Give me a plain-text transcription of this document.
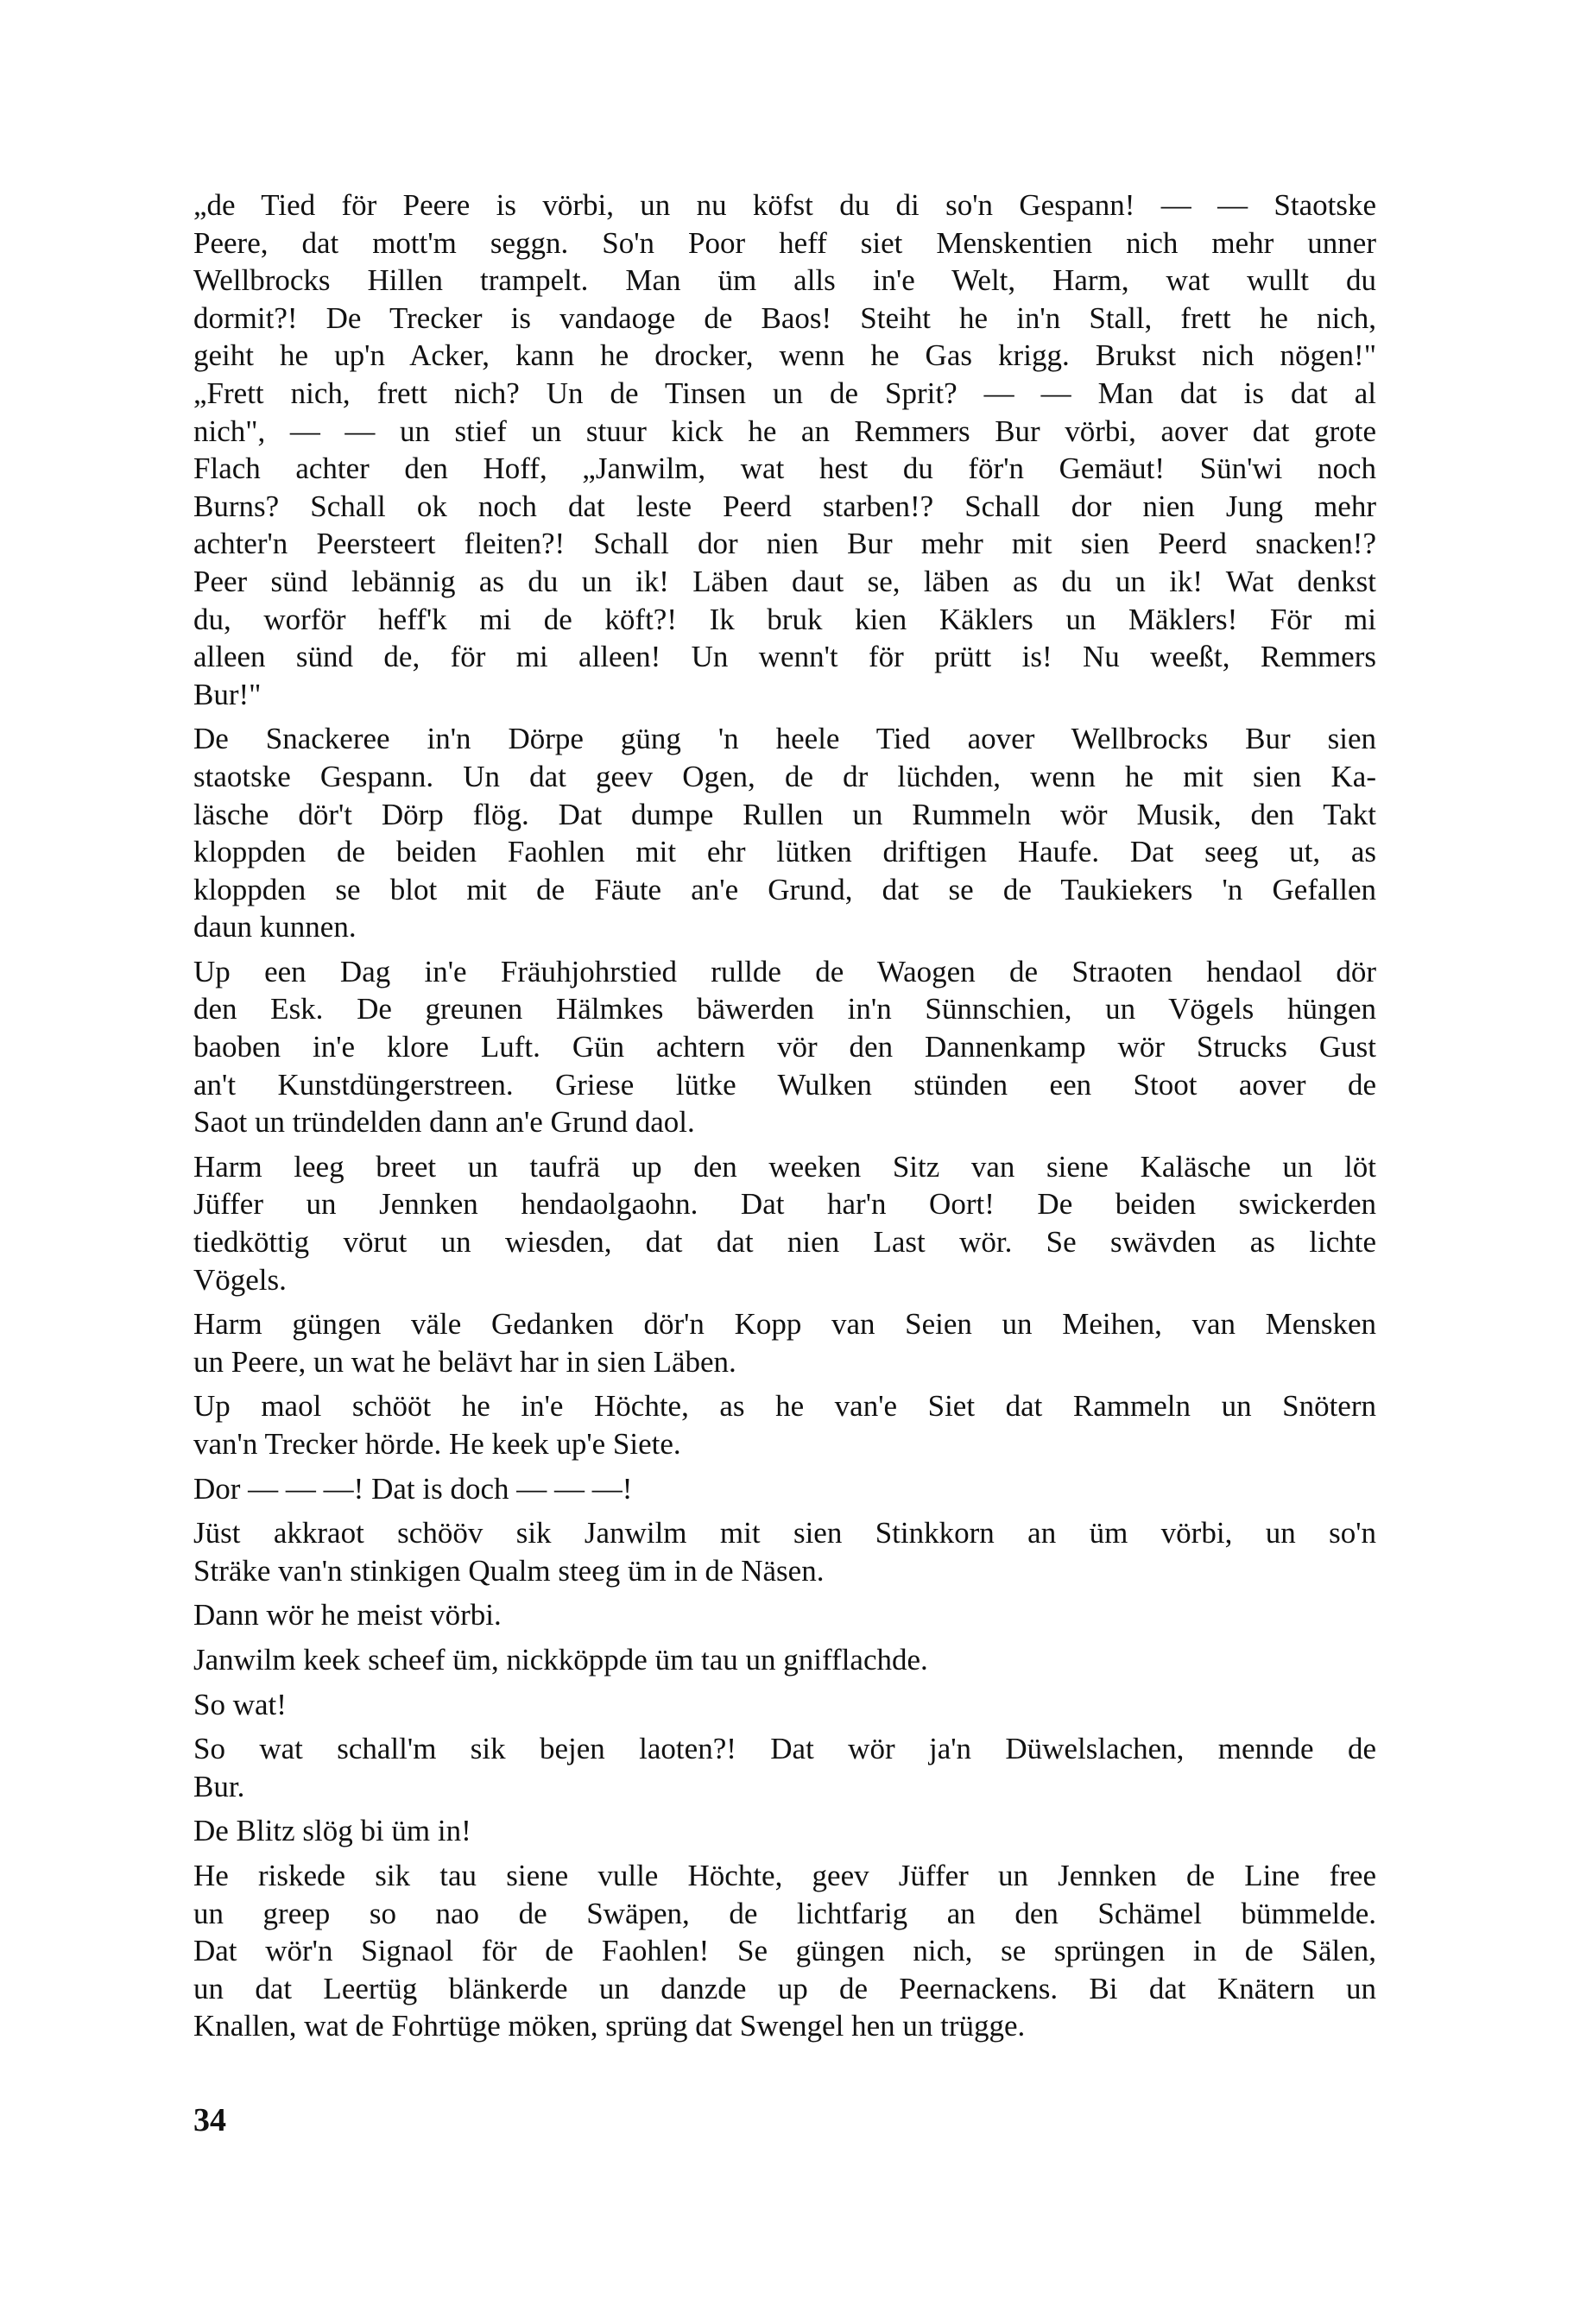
„de Tied för Peere is vörbi, un nu köfst du di so'n Gespann! — — Staotske
Peere, dat mott'm seggn. So'n Poor heff siet Menskentien nich mehr unner
Wellbrocks Hillen trampelt. Man üm alls in'e Welt, Harm, wat wullt du
dormit?! De Trecker is vandaoge de Baos! Steiht he in'n Stall, frett he nich,
geiht he up'n Acker, kann he drocker, wenn he Gas krigg. Brukst nich nögen!"
„Frett nich, frett nich? Un de Tinsen un de Sprit? — — Man dat is dat al
nich", — — un stief un stuur kick he an Remmers Bur vörbi, aover dat grote
Flach achter den Hoff, „Janwilm, wat hest du för'n Gemäut! Sün'wi noch
Burns? Schall ok noch dat leste Peerd starben!? Schall dor nien Jung mehr
achter'n Peersteert fleiten?! Schall dor nien Bur mehr mit sien Peerd snacken!?
Peer sünd lebännig as du un ik! Läben daut se, läben as du un ik! Wat denkst
du, worför heff'k mi de köft?! Ik bruk kien Käklers un Mäklers! För mi
alleen sünd de, för mi alleen! Un wenn't för prütt is! Nu weeßt, Remmers
Bur!"
De Snackeree in'n Dörpe güng 'n heele Tied aover Wellbrocks Bur sien
staotske Gespann. Un dat geev Ogen, de dr lüchden, wenn he mit sien Ka-
läsche dör't Dörp flög. Dat dumpe Rullen un Rummeln wör Musik, den Takt
kloppden de beiden Faohlen mit ehr lütken driftigen Haufe. Dat seeg ut, as
kloppden se blot mit de Fäute an'e Grund, dat se de Taukiekers 'n Gefallen
daun kunnen.
Up een Dag in'e Fräuhjohrstied rullde de Waogen de Straoten hendaol dör
den Esk. De greunen Hälmkes bäwerden in'n Sünnschien, un Vögels hüngen
baoben in'e klore Luft. Gün achtern vör den Dannenkamp wör Strucks Gust
an't Kunstdüngerstreen. Griese lütke Wulken stünden een Stoot aover de
Saot un tründelden dann an'e Grund daol.
Harm leeg breet un taufrä up den weeken Sitz van siene Kaläsche un löt
Jüffer un Jennken hendaolgaohn. Dat har'n Oort! De beiden swickerden
tiedköttig vörut un wiesden, dat dat nien Last wör. Se swävden as lichte
Vögels.
Harm güngen väle Gedanken dör'n Kopp van Seien un Meihen, van Mensken
un Peere, un wat he belävt har in sien Läben.
Up maol schööt he in'e Höchte, as he van'e Siet dat Rammeln un Snötern
van'n Trecker hörde. He keek up'e Siete.
Dor — — —! Dat is doch — — —!
Jüst akkraot schööv sik Janwilm mit sien Stinkkorn an üm vörbi, un so'n
Sträke van'n stinkigen Qualm steeg üm in de Näsen.
Dann wör he meist vörbi.
Janwilm keek scheef üm, nickköppde üm tau un gnifflachde.
So wat!
So wat schall'm sik bejen laoten?! Dat wör ja'n Düwelslachen, mennde de
Bur.
De Blitz slög bi üm in!
He riskede sik tau siene vulle Höchte, geev Jüffer un Jennken de Line free
un greep so nao de Swäpen, de lichtfarig an den Schämel bümmelde.
Dat wör'n Signaol för de Faohlen! Se güngen nich, se sprüngen in de Sälen,
un dat Leertüg blänkerde un danzde up de Peernackens. Bi dat Knätern un
Knallen, wat de Fohrtüge möken, sprüng dat Swengel hen un trügge.
34
